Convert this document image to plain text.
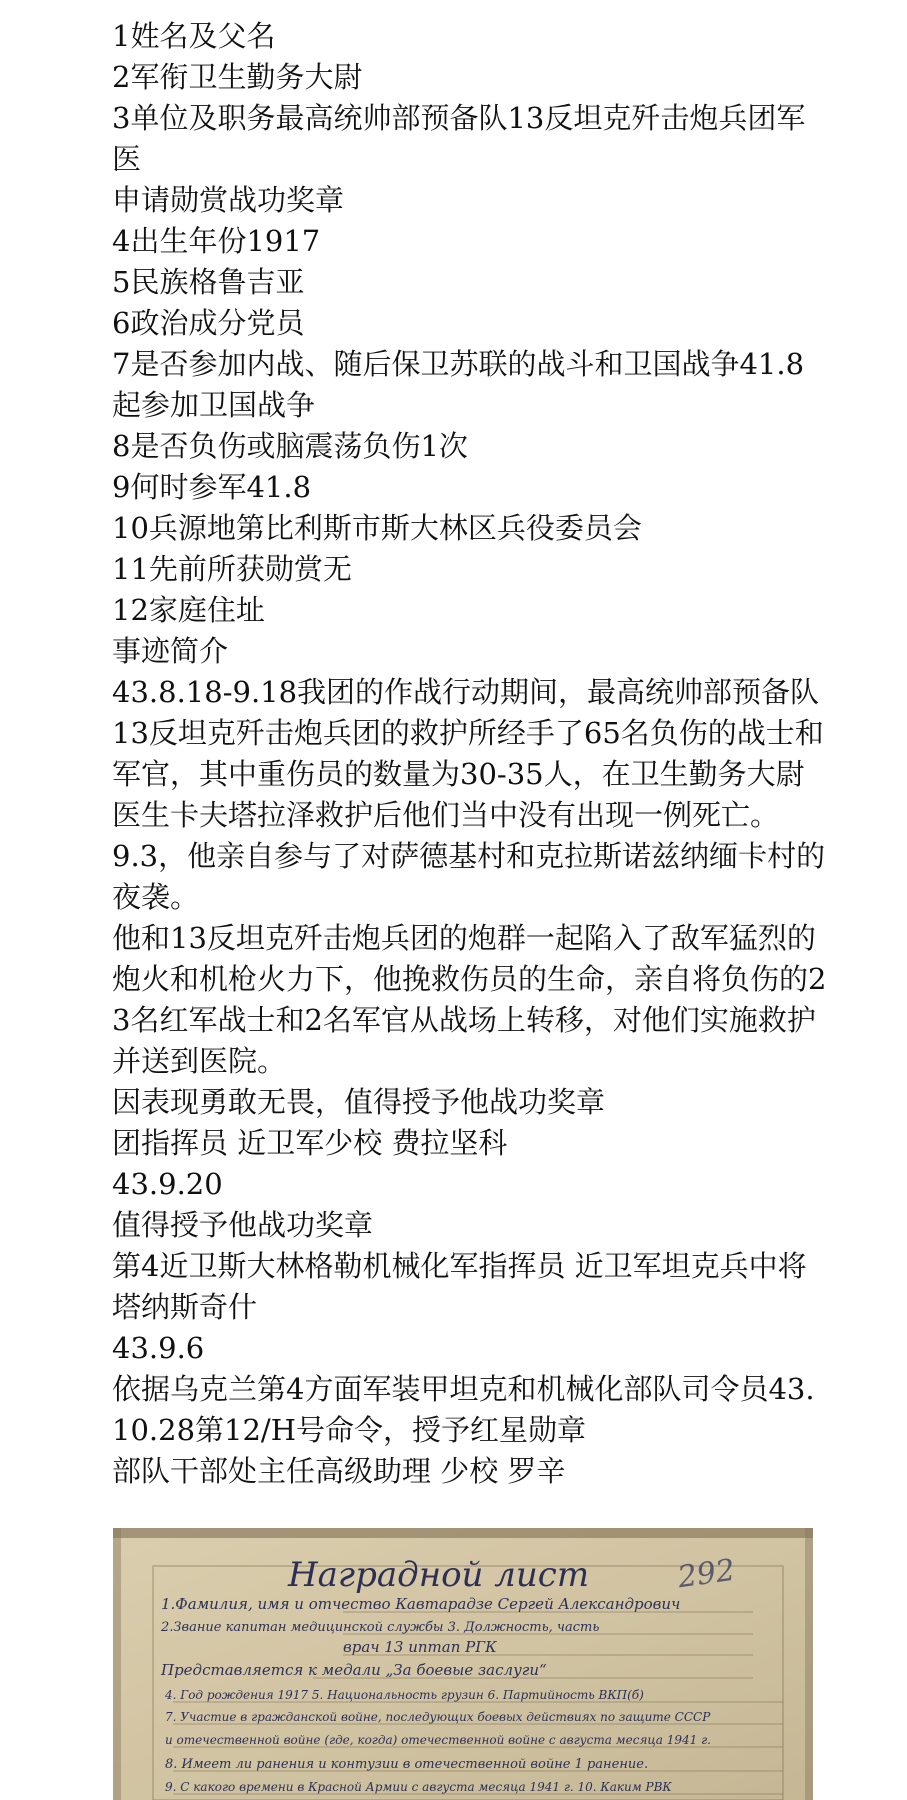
1姓名及父名

2军衔卫生勤务大尉

3单位及职务最高统帅部预备队13反坦克歼击炮兵团军医

申请勋赏战功奖章

4出生年份1917

5民族格鲁吉亚

6政治成分党员

7是否参加内战、随后保卫苏联的战斗和卫国战争41.8起参加卫国战争

8是否负伤或脑震荡负伤1次

9何时参军41.8

10兵源地第比利斯市斯大林区兵役委员会

11先前所获勋赏无

12家庭住址

事迹简介

43.8.18-9.18我团的作战行动期间，最高统帅部预备队13反坦克歼击炮兵团的救护所经手了65名负伤的战士和军官，其中重伤员的数量为30-35人，在卫生勤务大尉医生卡夫塔拉泽救护后他们当中没有出现一例死亡。

9.3，他亲自参与了对萨德基村和克拉斯诺兹纳缅卡村的夜袭。

他和13反坦克歼击炮兵团的炮群一起陷入了敌军猛烈的炮火和机枪火力下，他挽救伤员的生命，亲自将负伤的23名红军战士和2名军官从战场上转移，对他们实施救护并送到医院。

因表现勇敢无畏，值得授予他战功奖章

团指挥员 近卫军少校 费拉坚科

43.9.20

值得授予他战功奖章

第4近卫斯大林格勒机械化军指挥员 近卫军坦克兵中将 塔纳斯奇什

43.9.6

依据乌克兰第4方面军装甲坦克和机械化部队司令员43.10.28第12/H号命令，授予红星勋章

部队干部处主任高级助理 少校 罗辛

Наградной лист	292
1.Фамилия, имя и отчество Кавтарадзе Сергей Александрович
2.Звание капитан медицинской службы 3. Должность, часть
врач 13 иптап РГК
Представляется к медали „За боевые заслуги“
4. Год рождения 1917 5. Национальность грузин 6. Партийность ВКП(б)
7. Участие в гражданской войне, последующих боевых действиях по защите СССР
и отечественной войне (где, когда) отечественной войне с августа месяца 1941 г.
8. Имеет ли ранения и контузии в отечественной войне 1 ранение.
9. С какого времени в Красной Армии с августа месяца 1941 г. 10. Каким РВК
